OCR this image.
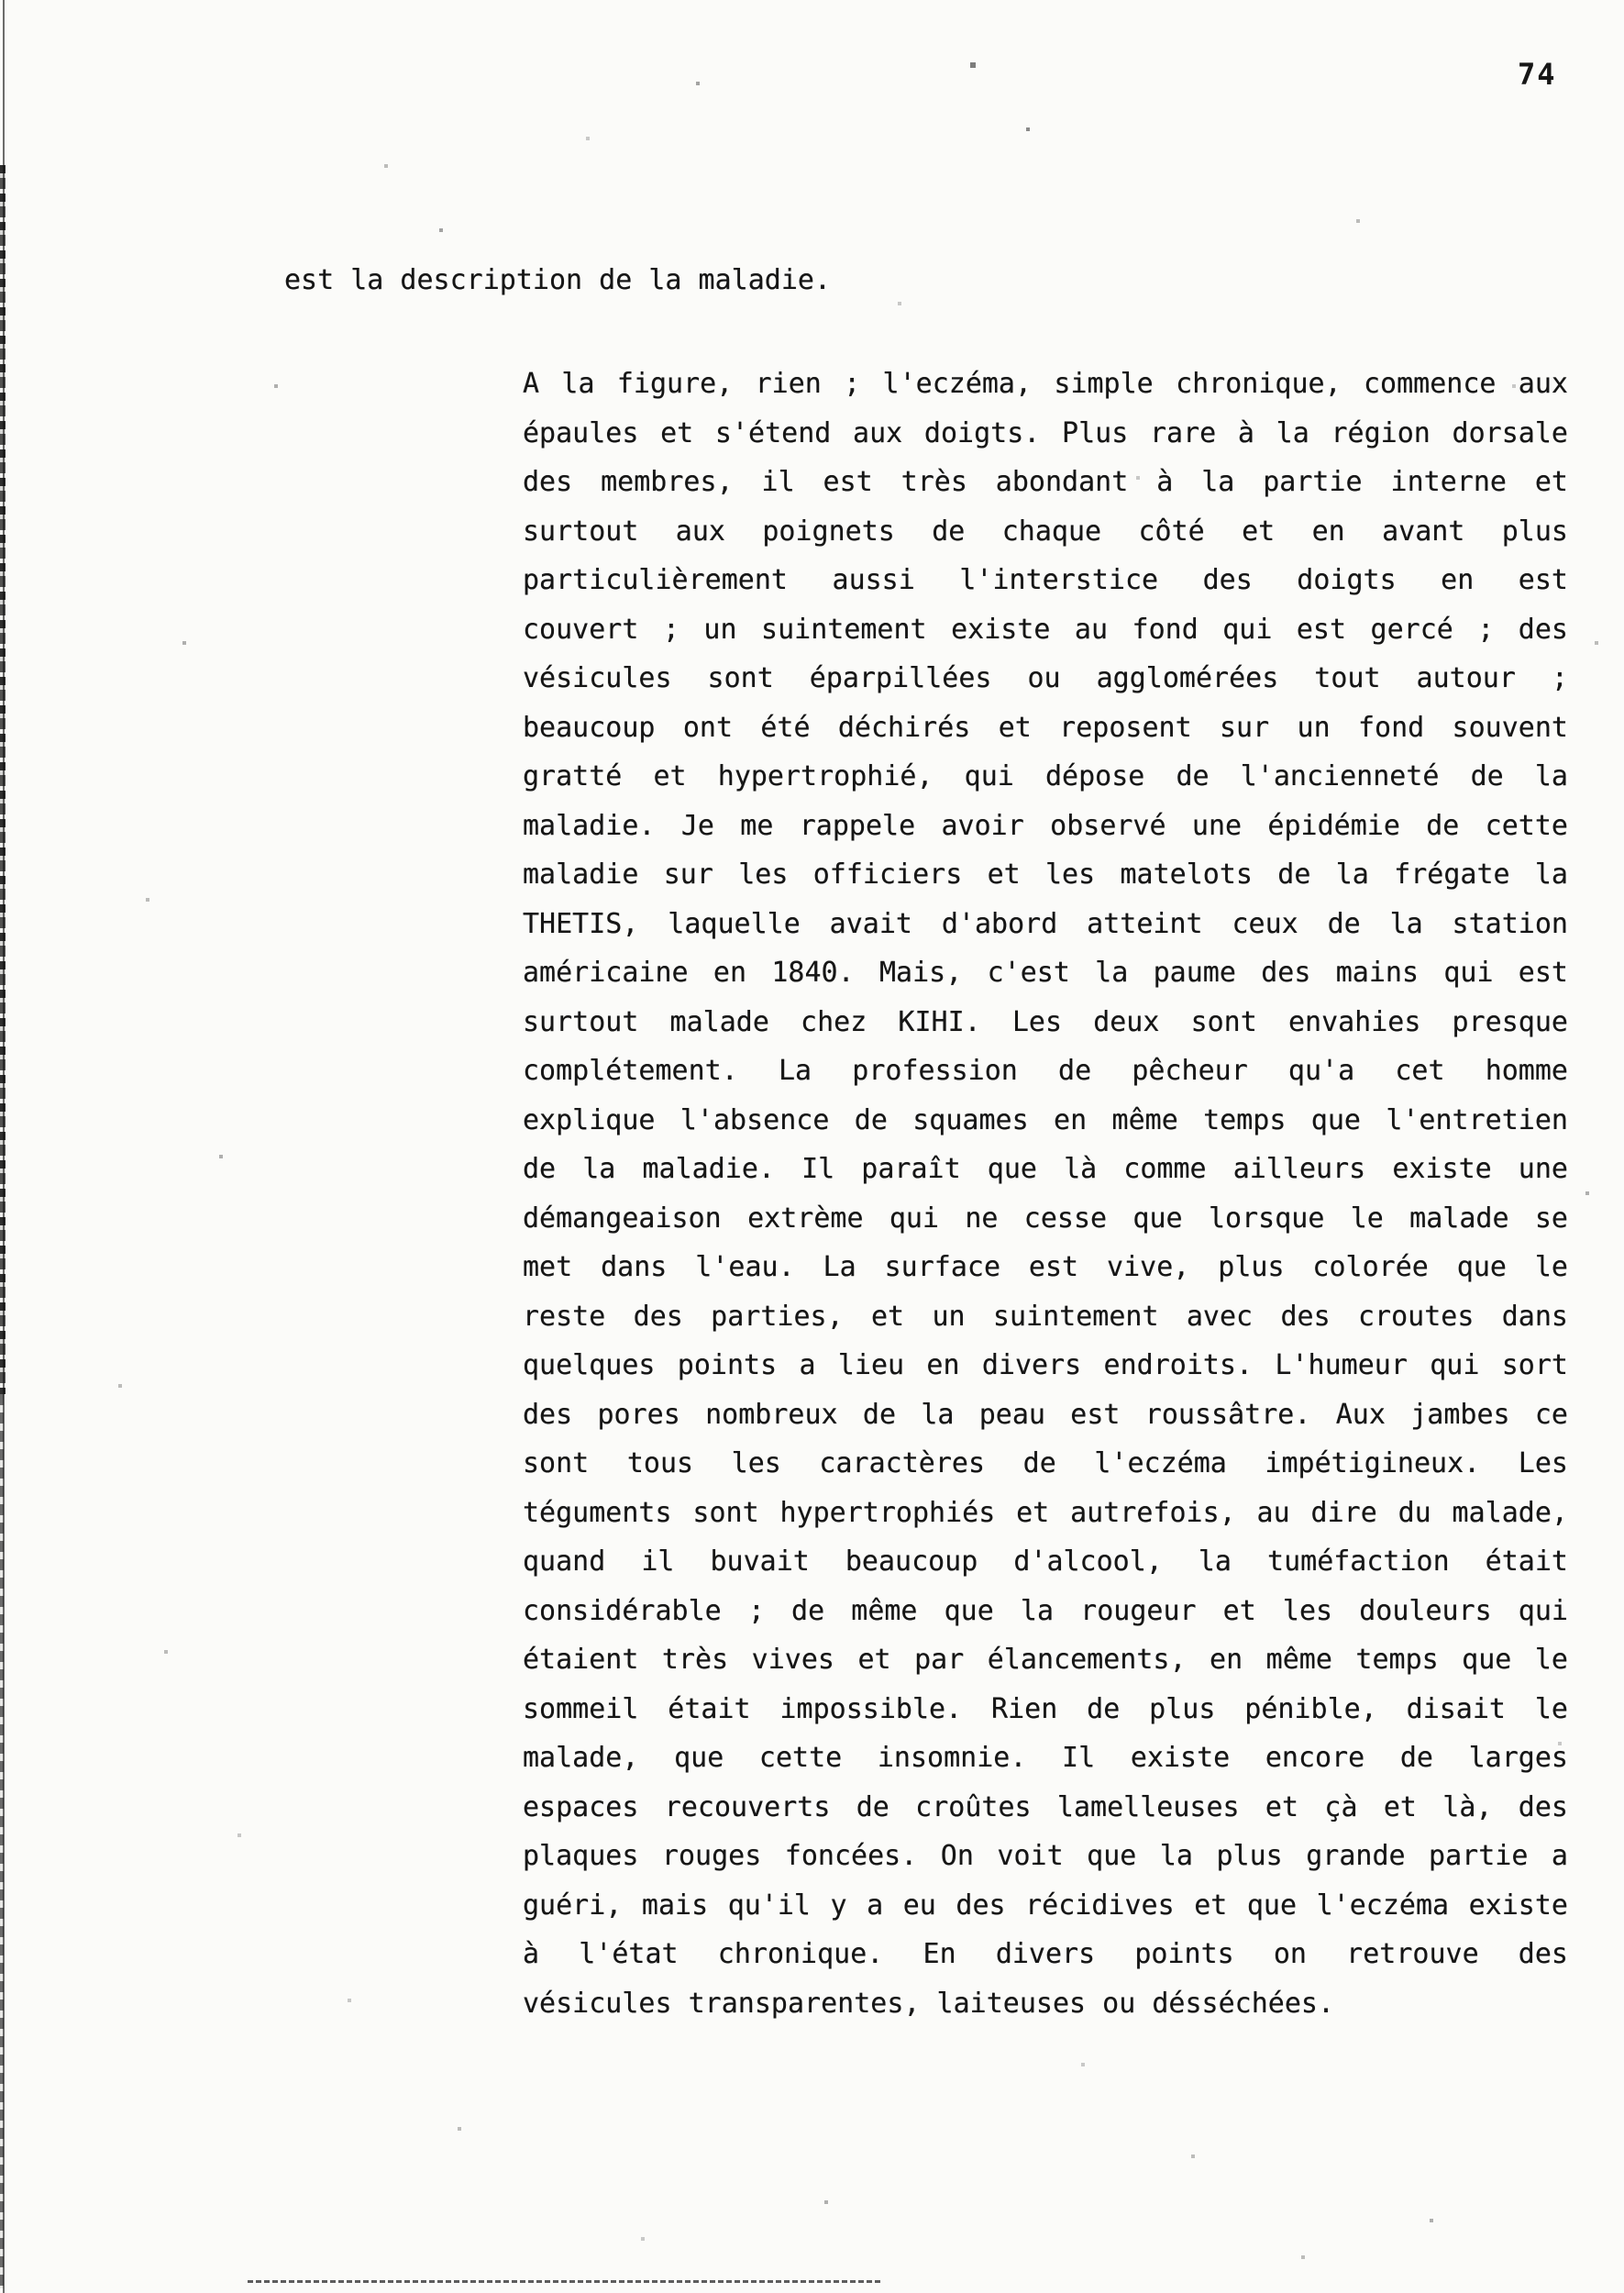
74
est la description de la maladie.
A la figure, rien ; l'eczéma, simple chronique, commence aux
épaules et s'étend aux doigts. Plus rare à la région dorsale
des membres, il est très abondant à la partie interne et
surtout aux poignets de chaque côté et en avant plus
particulièrement aussi l'interstice des doigts en est
couvert ; un suintement existe au fond qui est gercé ; des
vésicules sont éparpillées ou agglomérées tout autour ;
beaucoup ont été déchirés et reposent sur un fond souvent
gratté et hypertrophié, qui dépose de l'ancienneté de la
maladie. Je me rappele avoir observé une épidémie de cette
maladie sur les officiers et les matelots de la frégate la
THETIS, laquelle avait d'abord atteint ceux de la station
américaine en 1840. Mais, c'est la paume des mains qui est
surtout malade chez KIHI. Les deux sont envahies presque
complétement. La profession de pêcheur qu'a cet homme
explique l'absence de squames en même temps que l'entretien
de la maladie. Il paraît que là comme ailleurs existe une
démangeaison extrème qui ne cesse que lorsque le malade se
met dans l'eau. La surface est vive, plus colorée que le
reste des parties, et un suintement avec des croutes dans
quelques points a lieu en divers endroits. L'humeur qui sort
des pores nombreux de la peau est roussâtre. Aux jambes ce
sont tous les caractères de l'eczéma impétigineux. Les
téguments sont hypertrophiés et autrefois, au dire du malade,
quand il buvait beaucoup d'alcool, la tuméfaction était
considérable ; de même que la rougeur et les douleurs qui
étaient très vives et par élancements, en même temps que le
sommeil était impossible. Rien de plus pénible, disait le
malade, que cette insomnie. Il existe encore de larges
espaces recouverts de croûtes lamelleuses et çà et là, des
plaques rouges foncées. On voit que la plus grande partie a
guéri, mais qu'il y a eu des récidives et que l'eczéma existe
à l'état chronique. En divers points on retrouve des
vésicules transparentes, laiteuses ou désséchées.
